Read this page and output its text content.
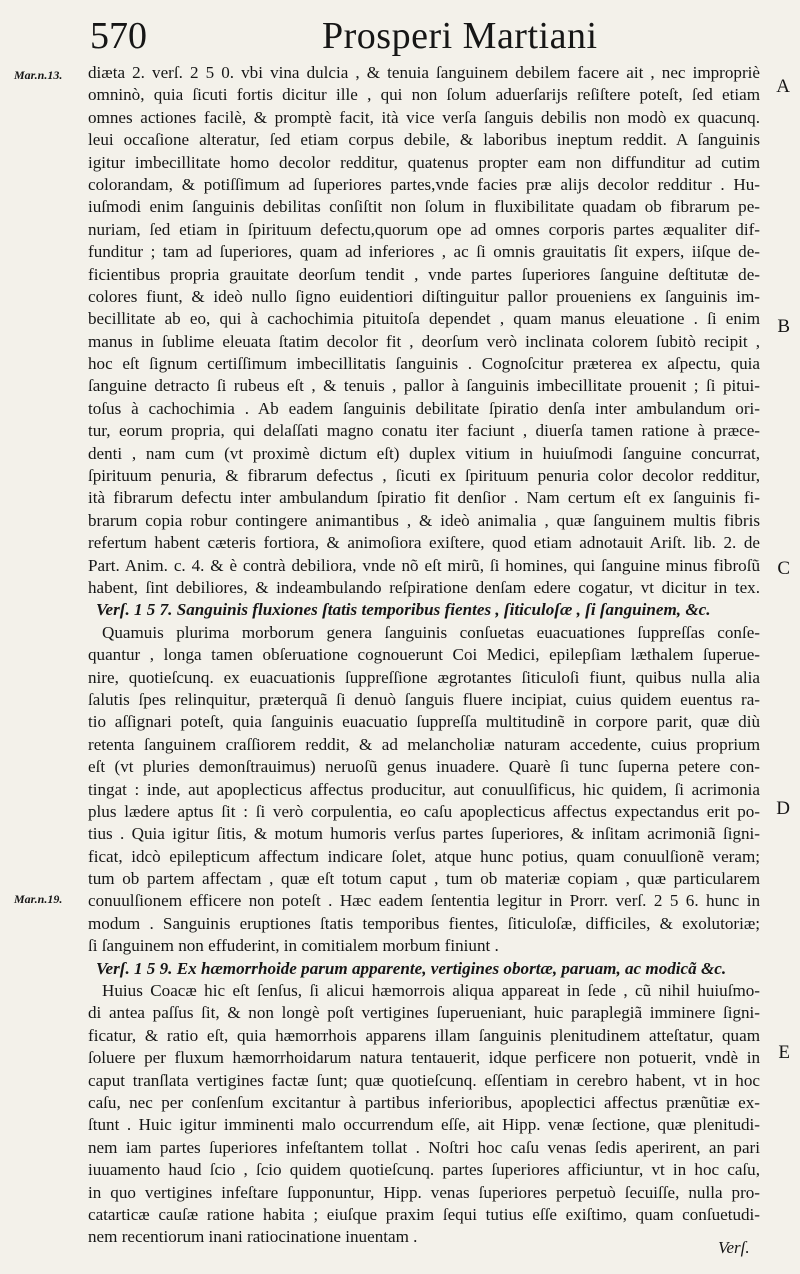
570	Prosperi Martiani
Mar.n.13.
Mar.n.19.
A
B
C
D
E
diæta 2. verſ. 2 5 0. vbi vina dulcia , & tenuia ſanguinem debilem facere ait , nec impropriè
omninò, quia ſicuti fortis dicitur ille , qui non ſolum aduerſarijs reſiſtere poteſt, ſed etiam
omnes actiones facilè, & promptè facit, ità vice verſa ſanguis debilis non modò ex quacunq.
leui occaſione alteratur, ſed etiam corpus debile, & laboribus ineptum reddit. A ſanguinis
igitur imbecillitate homo decolor redditur, quatenus propter eam non diffunditur ad cutim
colorandam, & potiſſimum ad ſuperiores partes,vnde facies præ alijs decolor redditur . Hu-
iuſmodi enim ſanguinis debilitas conſiſtit non ſolum in fluxibilitate quadam ob fibrarum pe-
nuriam, ſed etiam in ſpirituum defectu,quorum ope ad omnes corporis partes æqualiter dif-
funditur ; tam ad ſuperiores, quam ad inferiores , ac ſi omnis grauitatis ſit expers, iiſque de-
ficientibus propria grauitate deorſum tendit , vnde partes ſuperiores ſanguine deſtitutæ de-
colores fiunt, & ideò nullo ſigno euidentiori diſtinguitur pallor proueniens ex ſanguinis im-
becillitate ab eo, qui à cachochimia pituitoſa dependet , quam manus eleuatione . ſi enim
manus in ſublime eleuata ſtatim decolor fit , deorſum verò inclinata colorem ſubitò recipit ,
hoc eſt ſignum certiſſimum imbecillitatis ſanguinis . Cognoſcitur præterea ex aſpectu, quia
ſanguine detracto ſi rubeus eſt , & tenuis , pallor à ſanguinis imbecillitate prouenit ; ſi pitui-
toſus à cachochimia . Ab eadem ſanguinis debilitate ſpiratio denſa inter ambulandum ori-
tur, eorum propria, qui delaſſati magno conatu iter faciunt , diuerſa tamen ratione à præce-
denti , nam cum (vt proximè dictum eſt) duplex vitium in huiuſmodi ſanguine concurrat,
ſpirituum penuria, & fibrarum defectus , ſicuti ex ſpirituum penuria color decolor redditur,
ità fibrarum defectu inter ambulandum ſpiratio fit denſior . Nam certum eſt ex ſanguinis fi-
brarum copia robur contingere animantibus , & ideò animalia , quæ ſanguinem multis fibris
refertum habent cæteris fortiora, & animoſiora exiſtere, quod etiam adnotauit Ariſt. lib. 2. de
Part. Anim. c. 4. & è contrà debiliora, vnde nõ eſt mirũ, ſi homines, qui ſanguine minus fibroſũ
habent, ſint debiliores, & indeambulando reſpiratione denſam edere cogatur, vt dicitur in tex.
Verſ. 1 5 7. Sanguinis fluxiones ſtatis temporibus fientes , ſiticuloſæ , ſi ſanguinem, &c.
Quamuis plurima morborum genera ſanguinis conſuetas euacuationes ſuppreſſas conſe-
quantur , longa tamen obſeruatione cognouerunt Coi Medici, epilepſiam læthalem ſuperue-
nire, quotieſcunq. ex euacuationis ſuppreſſione ægrotantes ſiticuloſi fiunt, quibus nulla alia
ſalutis ſpes relinquitur, præterquã ſi denuò ſanguis fluere incipiat, cuius quidem euentus ra-
tio aſſignari poteſt, quia ſanguinis euacuatio ſuppreſſa multitudinẽ in corpore parit, quæ diù
retenta ſanguinem craſſiorem reddit, & ad melancholiæ naturam accedente, cuius proprium
eſt (vt pluries demonſtrauimus) neruoſũ genus inuadere. Quarè ſi tunc ſuperna petere con-
tingat : inde, aut apoplecticus affectus producitur, aut conuulſificus, hic quidem, ſi acrimonia
plus lædere aptus ſit : ſi verò corpulentia, eo caſu apoplecticus affectus expectandus erit po-
tius . Quia igitur ſitis, & motum humoris verſus partes ſuperiores, & inſitam acrimoniã ſigni-
ficat, idcò epilepticum affectum indicare ſolet, atque hunc potius, quam conuulſionẽ veram;
tum ob partem affectam , quæ eſt totum caput , tum ob materiæ copiam , quæ particularem
conuulſionem efficere non poteſt . Hæc eadem ſententia legitur in Prorr. verſ. 2 5 6. hunc in
modum . Sanguinis eruptiones ſtatis temporibus fientes, ſiticuloſæ, difficiles, & exolutoriæ;
ſi ſanguinem non effuderint, in comitialem morbum finiunt .
Verſ. 1 5 9. Ex hæmorrhoide parum apparente, vertigines obortæ, paruam, ac modicã &c.
Huius Coacæ hic eſt ſenſus, ſi alicui hæmorrois aliqua appareat in ſede , cũ nihil huiuſmo-
di antea paſſus ſit, & non longè poſt vertigines ſuperueniant, huic paraplegiã imminere ſigni-
ficatur, & ratio eſt, quia hæmorrhois apparens illam ſanguinis plenitudinem atteſtatur, quam
ſoluere per fluxum hæmorrhoidarum natura tentauerit, idque perficere non potuerit, vndè in
caput tranſlata vertigines factæ ſunt; quæ quotieſcunq. eſſentiam in cerebro habent, vt in hoc
caſu, nec per conſenſum excitantur à partibus inferioribus, apoplectici affectus prænũtiæ ex-
ſtunt . Huic igitur imminenti malo occurrendum eſſe, ait Hipp. venæ ſectione, quæ plenitudi-
nem iam partes ſuperiores infeſtantem tollat . Noſtri hoc caſu venas ſedis aperirent, an pari
iuuamento haud ſcio , ſcio quidem quotieſcunq. partes ſuperiores afficiuntur, vt in hoc caſu,
in quo vertigines infeſtare ſupponuntur, Hipp. venas ſuperiores perpetuò ſecuiſſe, nulla pro-
catarticæ cauſæ ratione habita ; eiuſque praxim ſequi tutius eſſe exiſtimo, quam conſuetudi-
nem recentiorum inani ratiocinatione inuentam .
Verſ.
